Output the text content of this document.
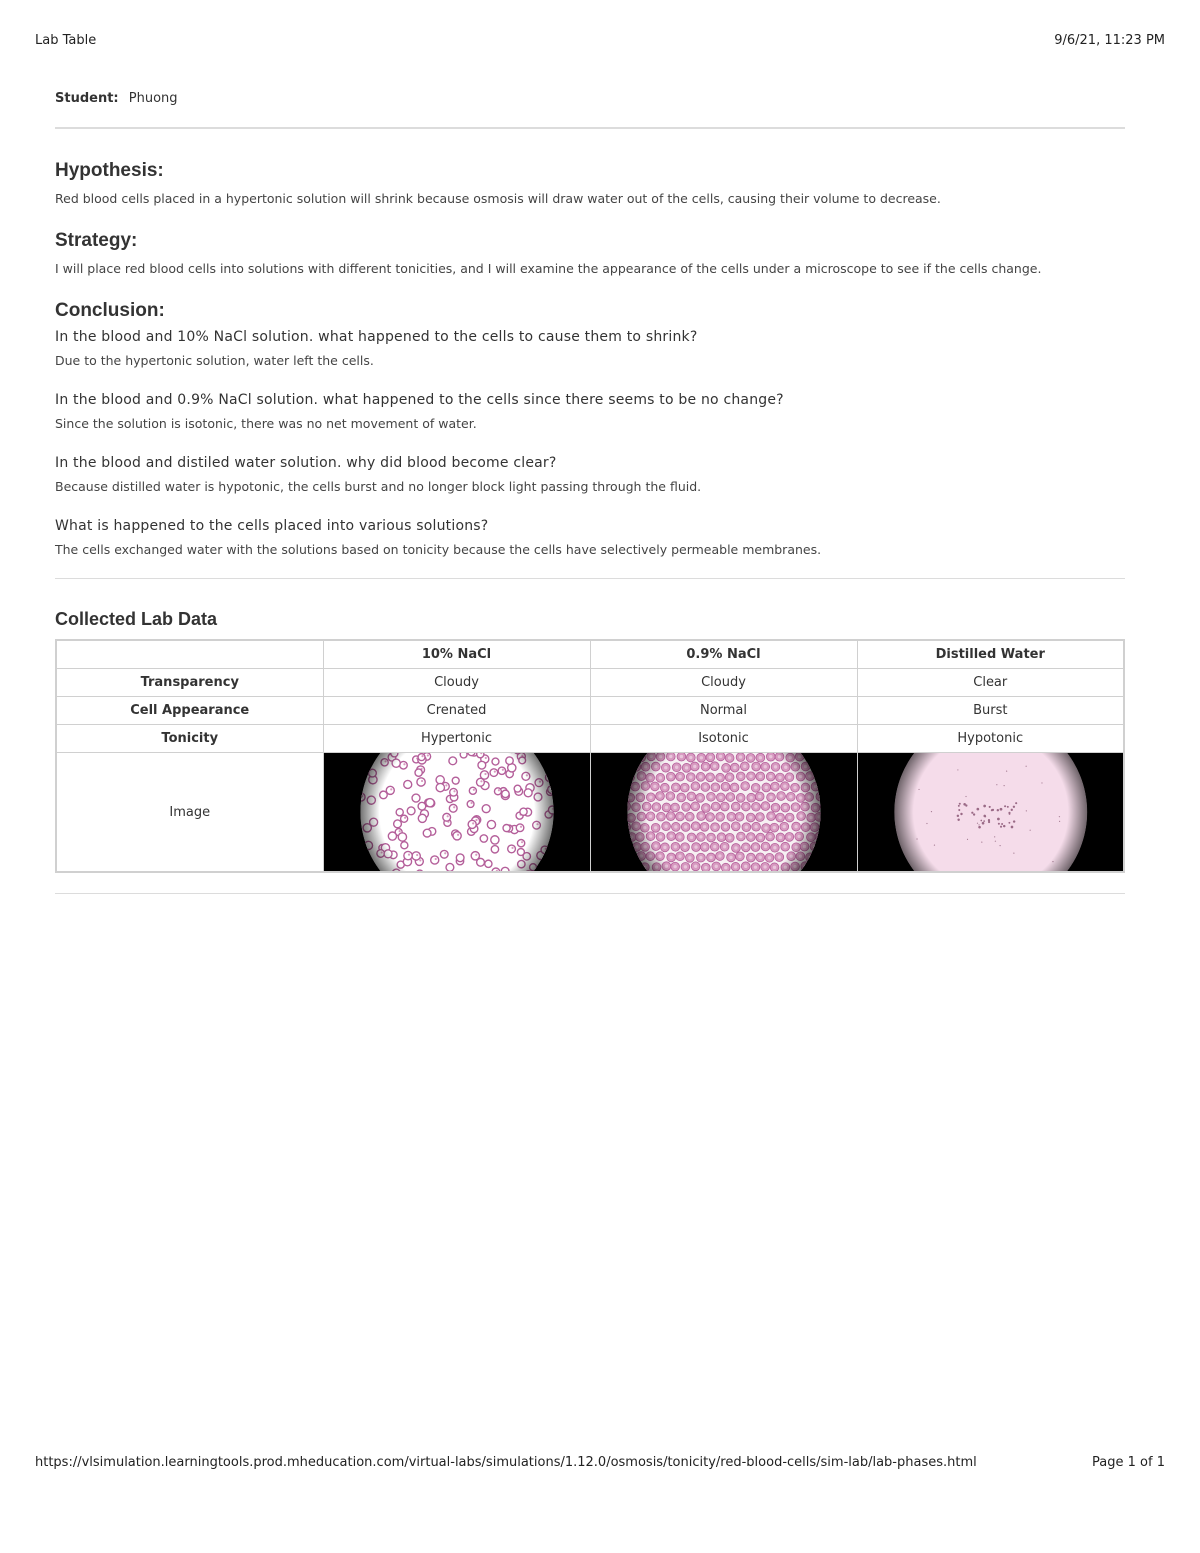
Lab Table	9/6/21, 11:23 PM
Student: Phuong
Hypothesis:

Red blood cells placed in a hypertonic solution will shrink because osmosis will draw water out of the cells, causing their volume to decrease.

Strategy:

I will place red blood cells into solutions with different tonicities, and I will examine the appearance of the cells under a microscope to see if the cells change.

Conclusion:

In the blood and 10% NaCl solution. what happened to the cells to cause them to shrink?

Due to the hypertonic solution, water left the cells.

In the blood and 0.9% NaCl solution. what happened to the cells since there seems to be no change?

Since the solution is isotonic, there was no net movement of water.

In the blood and distiled water solution. why did blood become clear?

Because distilled water is hypotonic, the cells burst and no longer block light passing through the fluid.

What is happened to the cells placed into various solutions?

The cells exchanged water with the solutions based on tonicity because the cells have selectively permeable membranes.

Collected Lab Data
	10% NaCl	0.9% NaCl	Distilled Water
Transparency	Cloudy	Cloudy	Clear
Cell Appearance	Crenated	Normal	Burst
Tonicity	Hypertonic	Isotonic	Hypotonic
Image	

https://vlsimulation.learningtools.prod.mheducation.com/virtual-labs/simulations/1.12.0/osmosis/tonicity/red-blood-cells/sim-lab/lab-phases.html	Page 1 of 1
